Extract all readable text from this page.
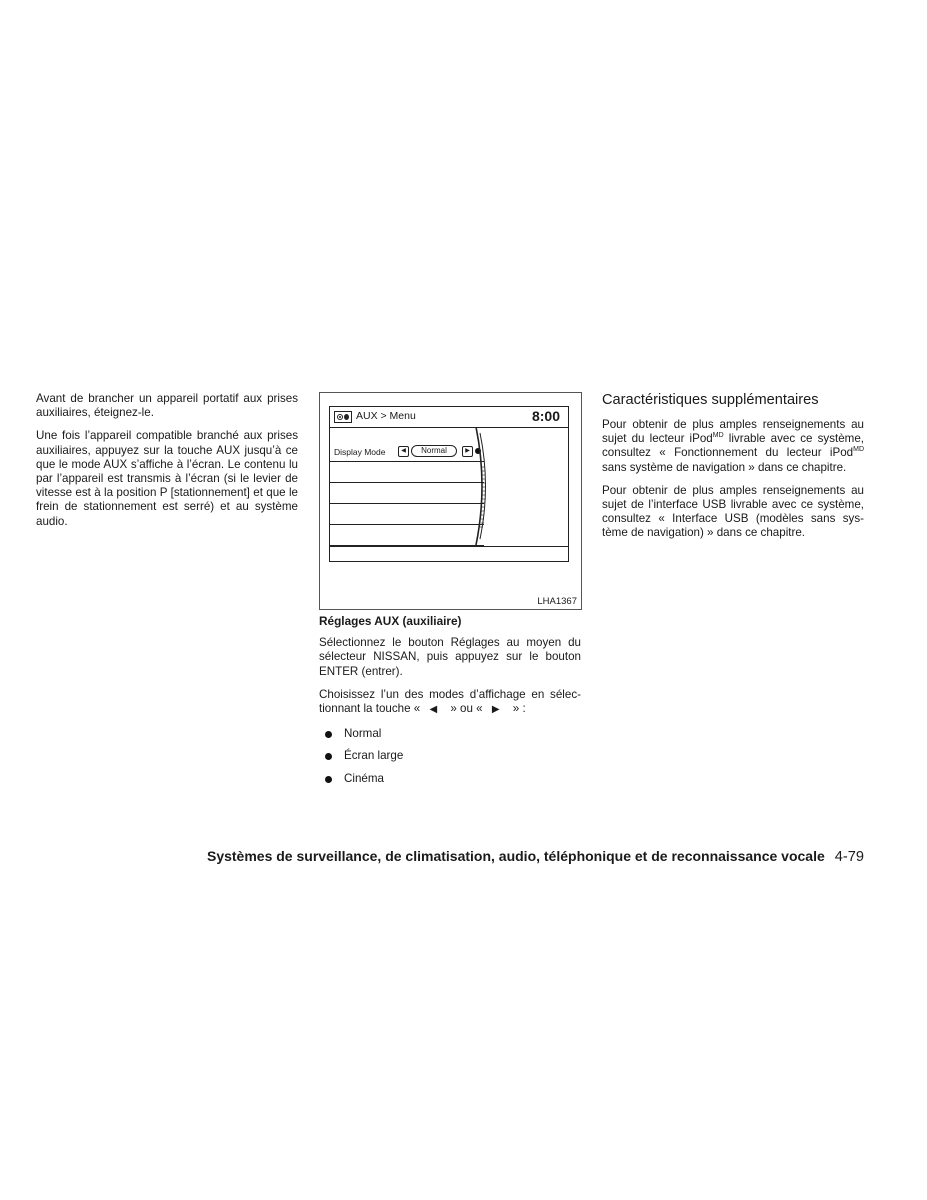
Avant de brancher un appareil portatif aux prises auxiliaires, éteignez-le.

Une fois l’appareil compatible branché aux prises auxiliaires, appuyez sur la touche AUX jusqu’à ce que le mode AUX s’affiche à l’écran. Le contenu lu par l’appareil est transmis à l’écran (si le levier de vitesse est à la position P [stationnement] et que le frein de stationnement est serré) et au système audio.

AUX > Menu	8:00
Display Mode	◀	Normal	▶
LHA1367
Réglages AUX (auxiliaire)

Sélectionnez le bouton Réglages au moyen du sélecteur NISSAN, puis appuyez sur le bouton ENTER (entrer).

Choisissez l’un des modes d’affichage en sélec-tionnant la touche « ◀ » ou « ▶ » :

Normal
Écran large
Cinéma
Caractéristiques supplémentaires

Pour obtenir de plus amples renseignements au sujet du lecteur iPod$^{MD}$ livrable avec ce système, consultez « Fonctionnement du lecteur iPod$^{MD}$ sans système de navigation » dans ce chapitre.

Pour obtenir de plus amples renseignements au sujet de l’interface USB livrable avec ce système, consultez « Interface USB (modèles sans sys-tème de navigation) » dans ce chapitre.

Systèmes de surveillance, de climatisation, audio, téléphonique et de reconnaissance vocale 4-79
